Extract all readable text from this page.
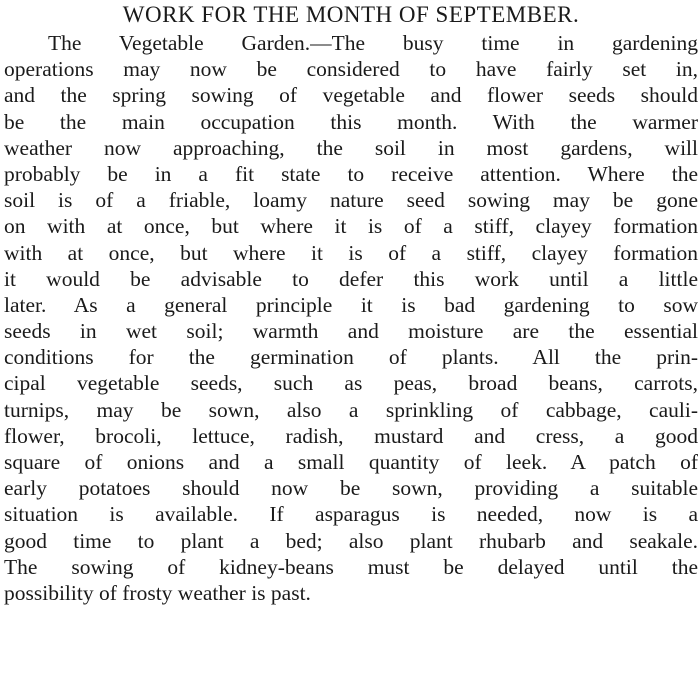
WORK FOR THE MONTH OF SEPTEMBER.
The Vegetable Garden.—The busy time in gardening
operations may now be considered to have fairly set in,
and the spring sowing of vegetable and flower seeds should
be the main occupation this month. With the warmer
weather now approaching, the soil in most gardens, will
probably be in a fit state to receive attention. Where the
soil is of a friable, loamy nature seed sowing may be gone
on with at once, but where it is of a stiff, clayey formation
with at once, but where it is of a stiff, clayey formation
it would be advisable to defer this work until a little
later. As a general principle it is bad gardening to sow
seeds in wet soil; warmth and moisture are the essential
conditions for the germination of plants. All the prin-
cipal vegetable seeds, such as peas, broad beans, carrots,
turnips, may be sown, also a sprinkling of cabbage, cauli-
flower, brocoli, lettuce, radish, mustard and cress, a good
square of onions and a small quantity of leek. A patch of
early potatoes should now be sown, providing a suitable
situation is available. If asparagus is needed, now is a
good time to plant a bed; also plant rhubarb and seakale.
The sowing of kidney-beans must be delayed until the
possibility of frosty weather is past.
